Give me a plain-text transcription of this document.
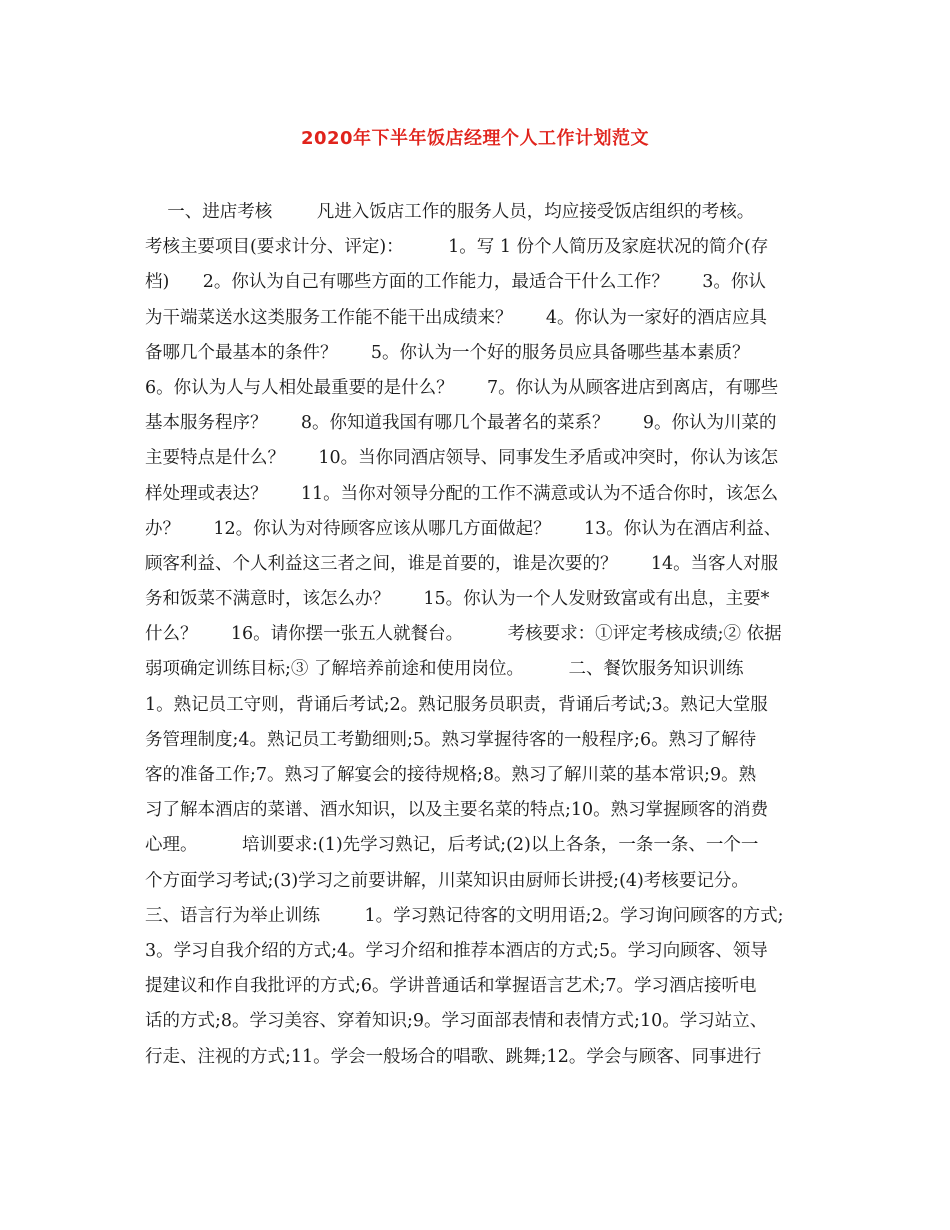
2020年下半年饭店经理个人工作计划范文
一、进店考核        凡进入饭店工作的服务人员，均应接受饭店组织的考核。
考核主要项目(要求计分、评定)：        1。写 1 份个人简历及家庭状况的简介(存
档)      2。你认为自己有哪些方面的工作能力，最适合干什么工作？      3。你认
为干端菜送水这类服务工作能不能干出成绩来？      4。你认为一家好的酒店应具
备哪几个最基本的条件？      5。你认为一个好的服务员应具备哪些基本素质？
6。你认为人与人相处最重要的是什么？      7。你认为从顾客进店到离店，有哪些
基本服务程序？      8。你知道我国有哪几个最著名的菜系？      9。你认为川菜的
主要特点是什么？      10。当你同酒店领导、同事发生矛盾或冲突时，你认为该怎
样处理或表达？      11。当你对领导分配的工作不满意或认为不适合你时，该怎么
办？      12。你认为对待顾客应该从哪几方面做起？      13。你认为在酒店利益、
顾客利益、个人利益这三者之间，谁是首要的，谁是次要的？      14。当客人对服
务和饭菜不满意时，该怎么办？      15。你认为一个人发财致富或有出息，主要*
什么？      16。请你摆一张五人就餐台。        考核要求：①评定考核成绩;② 依据
弱项确定训练目标;③ 了解培养前途和使用岗位。        二、餐饮服务知识训练
1。熟记员工守则，背诵后考试;2。熟记服务员职责，背诵后考试;3。熟记大堂服
务管理制度;4。熟记员工考勤细则;5。熟习掌握待客的一般程序;6。熟习了解待
客的准备工作;7。熟习了解宴会的接待规格;8。熟习了解川菜的基本常识;9。熟
习了解本酒店的菜谱、酒水知识，以及主要名菜的特点;10。熟习掌握顾客的消费
心理。        培训要求:(1)先学习熟记，后考试;(2)以上各条，一条一条、一个一
个方面学习考试;(3)学习之前要讲解，川菜知识由厨师长讲授;(4)考核要记分。
三、语言行为举止训练        1。学习熟记待客的文明用语;2。学习询问顾客的方式;
3。学习自我介绍的方式;4。学习介绍和推荐本酒店的方式;5。学习向顾客、领导
提建议和作自我批评的方式;6。学讲普通话和掌握语言艺术;7。学习酒店接听电
话的方式;8。学习美容、穿着知识;9。学习面部表情和表情方式;10。学习站立、
行走、注视的方式;11。学会一般场合的唱歌、跳舞;12。学会与顾客、同事进行
